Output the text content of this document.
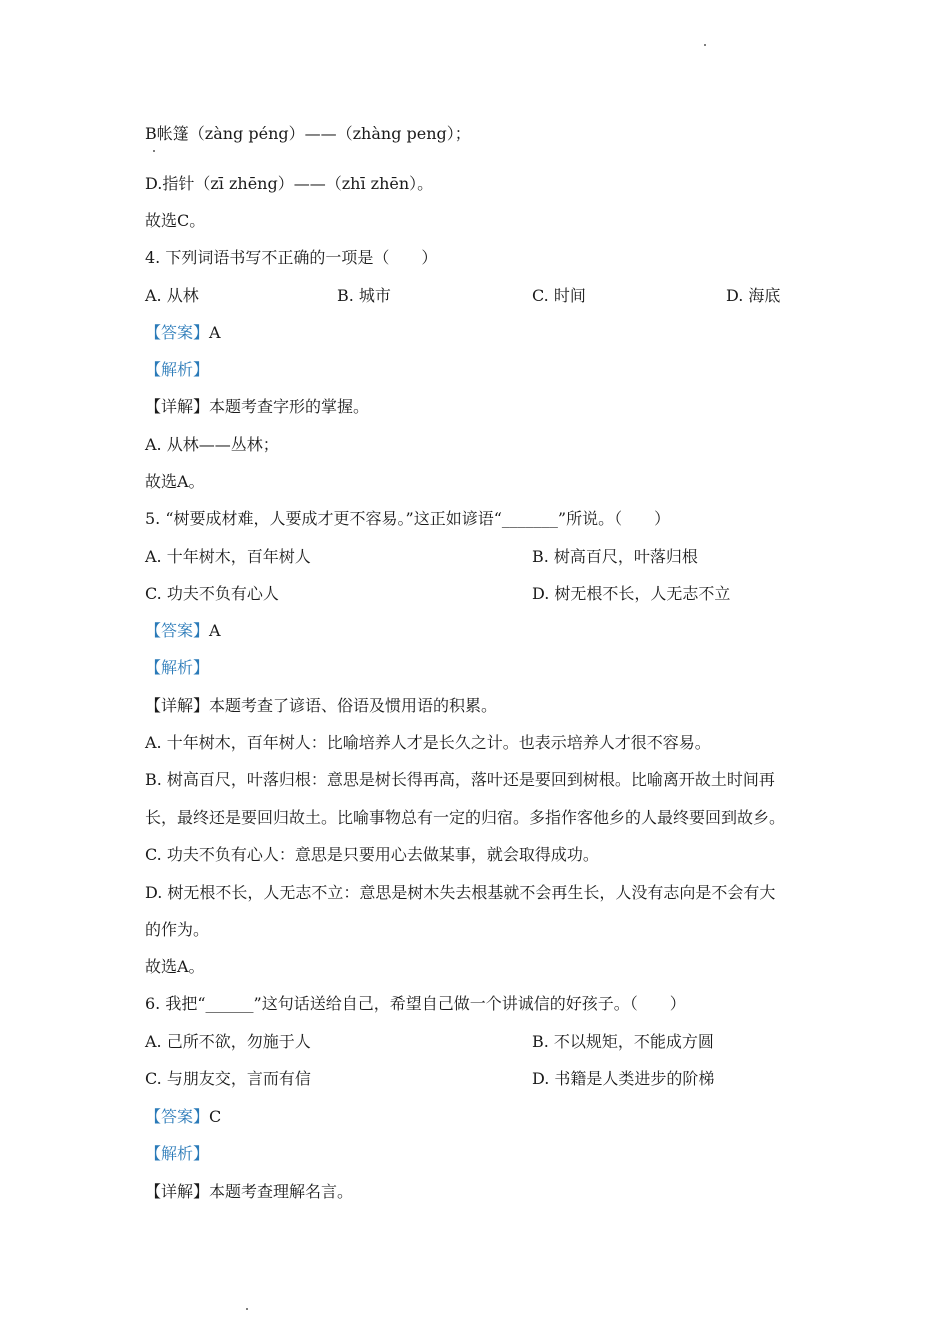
B帐篷（zàng péng）——（zhàng peng）；
D.指针（zī zhēng）——（zhī zhēn）。
故选C。
4. 下列词语书写不正确的一项是（　　）
A. 从林	B. 城市	C. 时间	D. 海底
【答案】A
【解析】
【详解】本题考查字形的掌握。
A. 从林——丛林；
故选A。
5. “树要成材难，人要成才更不容易。”这正如谚语“_______”所说。（　　）
A. 十年树木，百年树人	B. 树高百尺，叶落归根
C. 功夫不负有心人	D. 树无根不长，人无志不立
【答案】A
【解析】
【详解】本题考查了谚语、俗语及惯用语的积累。
A. 十年树木，百年树人：比喻培养人才是长久之计。也表示培养人才很不容易。
B. 树高百尺，叶落归根：意思是树长得再高，落叶还是要回到树根。比喻离开故土时间再
长，最终还是要回归故土。比喻事物总有一定的归宿。多指作客他乡的人最终要回到故乡。
C. 功夫不负有心人：意思是只要用心去做某事，就会取得成功。
D. 树无根不长，人无志不立：意思是树木失去根基就不会再生长，人没有志向是不会有大
的作为。
故选A。
6. 我把“______”这句话送给自己，希望自己做一个讲诚信的好孩子。（　　）
A. 己所不欲，勿施于人	B. 不以规矩，不能成方圆
C. 与朋友交，言而有信	D. 书籍是人类进步的阶梯
【答案】C
【解析】
【详解】本题考查理解名言。
